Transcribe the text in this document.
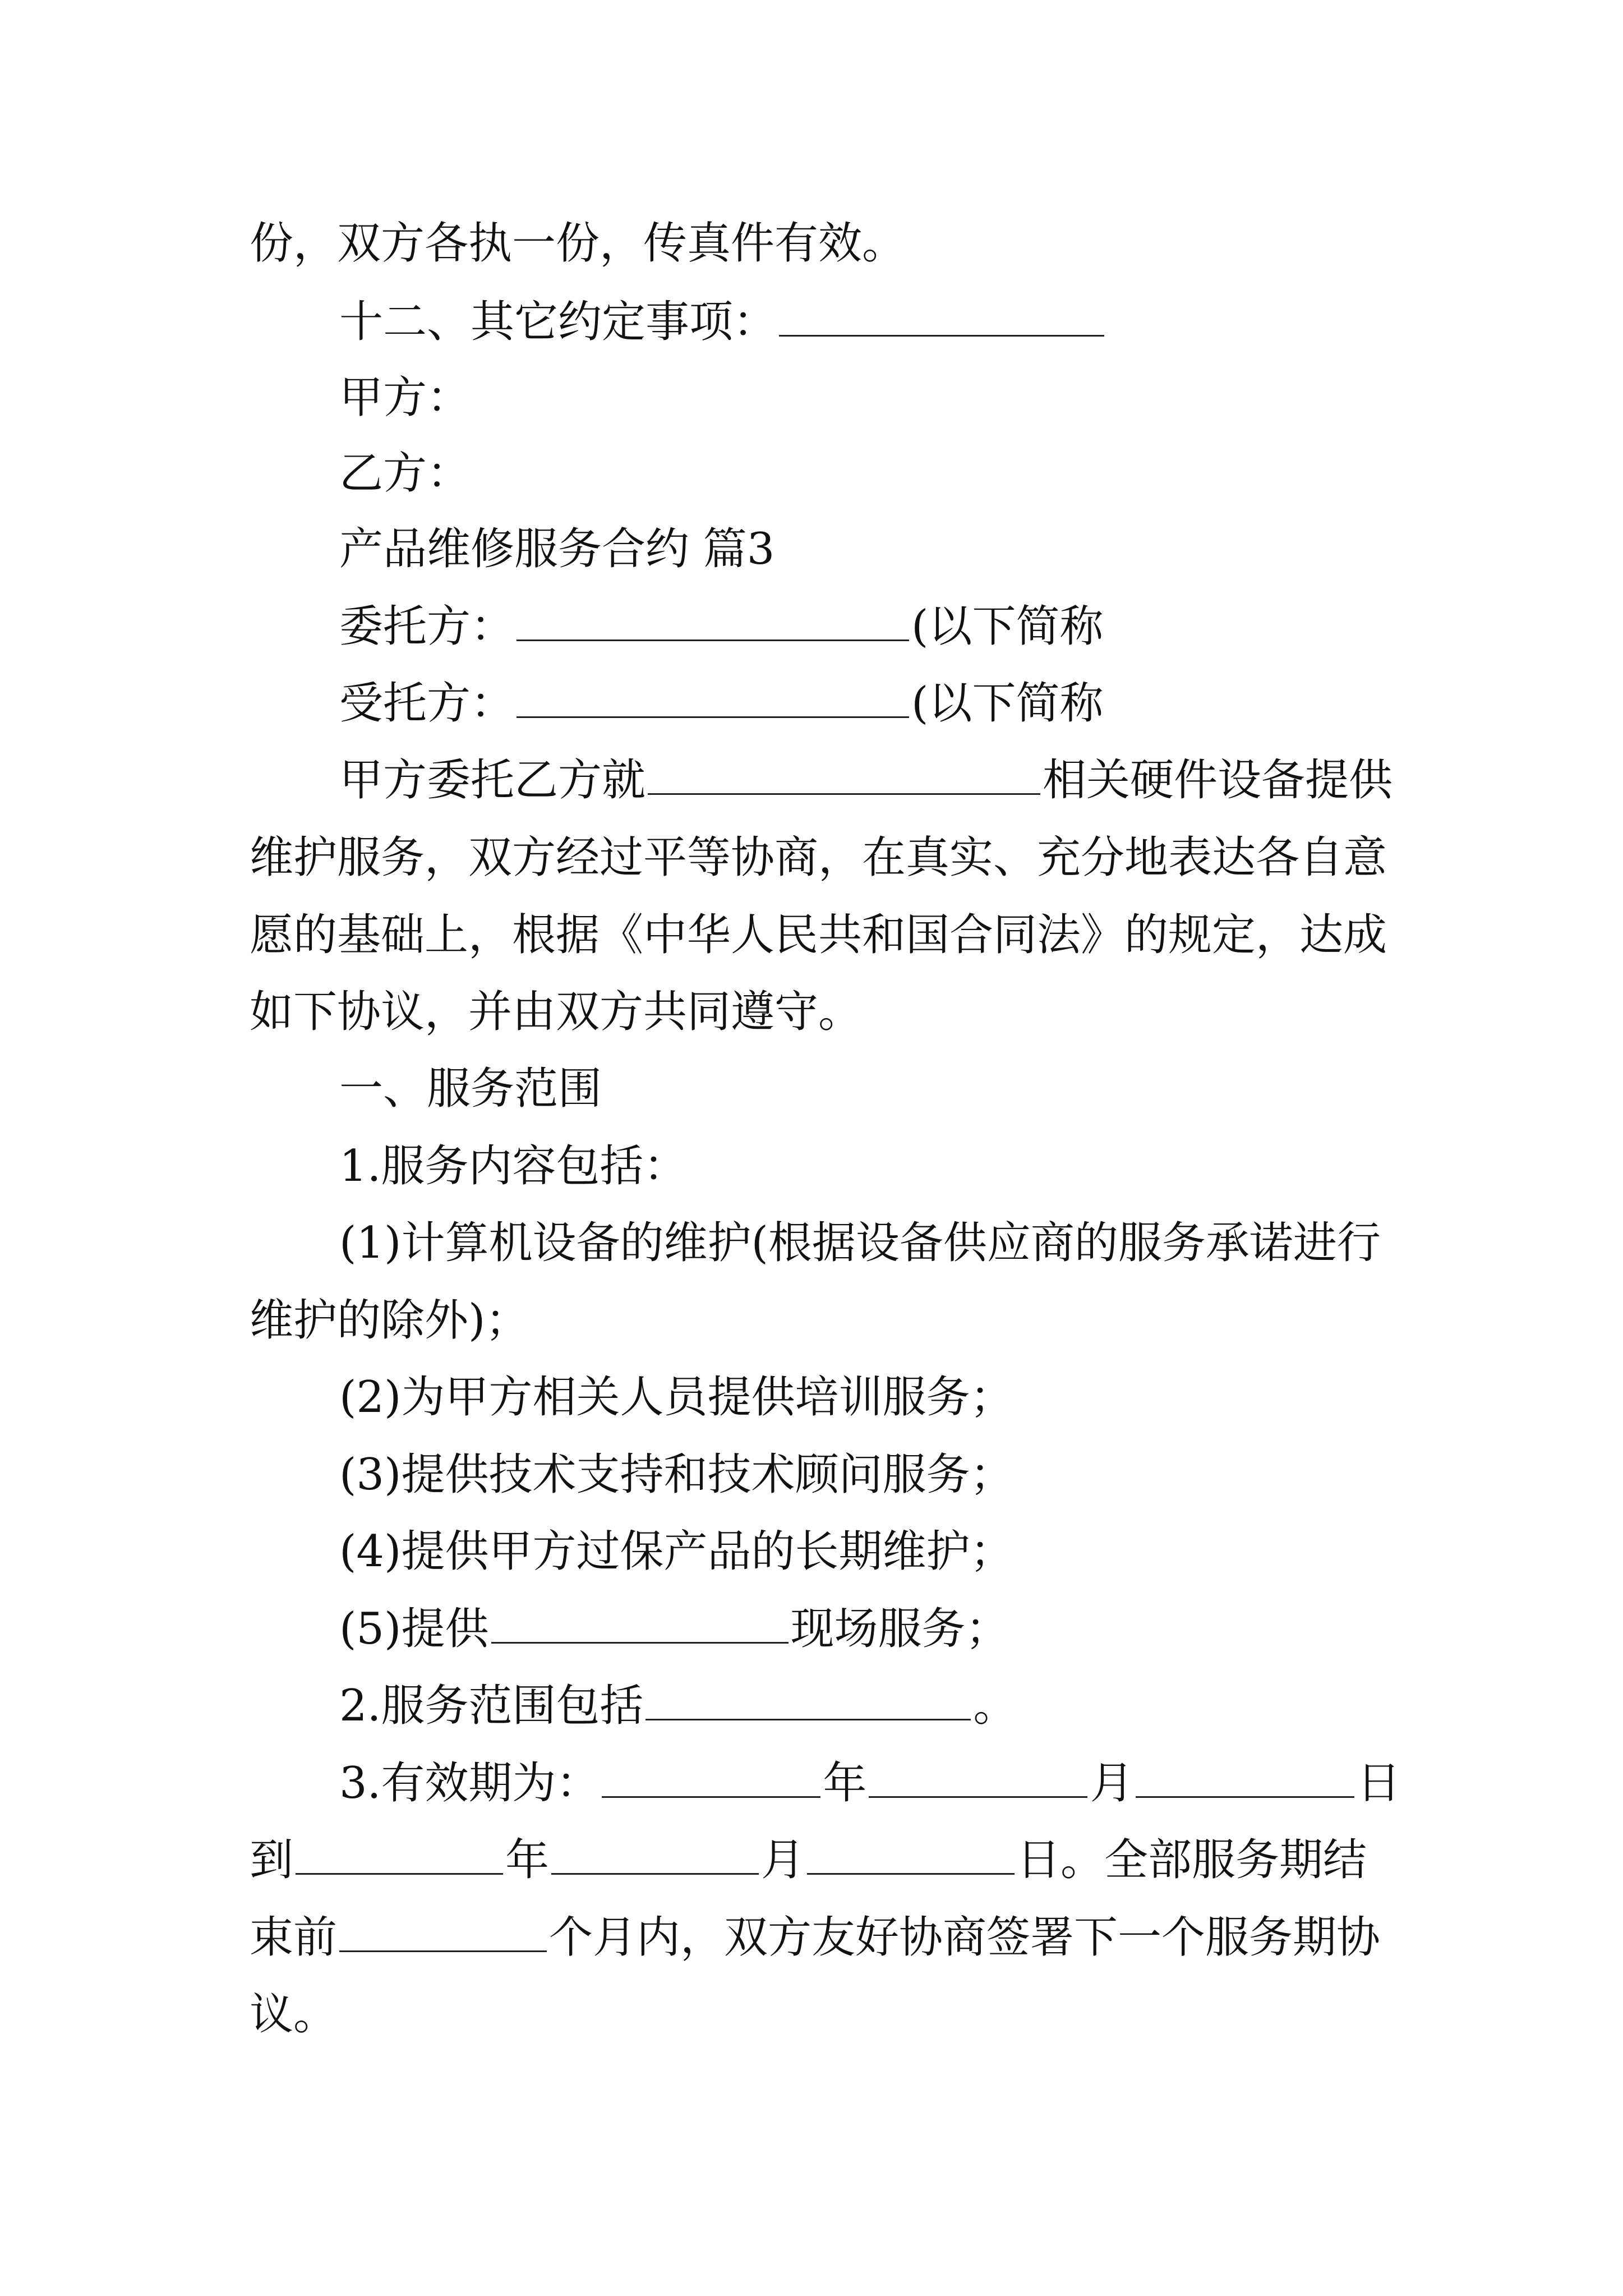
份，双方各执一份，传真件有效。
十二、其它约定事项：
甲方：
乙方：
产品维修服务合约 篇3
委托方：	(以下简称
受托方：	(以下简称
甲方委托乙方就	相关硬件设备提供
维护服务，双方经过平等协商，在真实、充分地表达各自意
愿的基础上，根据《中华人民共和国合同法》的规定，达成
如下协议，并由双方共同遵守。
一、服务范围
1.服务内容包括：
(1)计算机设备的维护(根据设备供应商的服务承诺进行
维护的除外)；
(2)为甲方相关人员提供培训服务；
(3)提供技术支持和技术顾问服务；
(4)提供甲方过保产品的长期维护；
(5)提供	现场服务；
2.服务范围包括	。
3.有效期为：	年	月	日
到	年	月	日。全部服务期结
束前	个月内，双方友好协商签署下一个服务期协
议。
